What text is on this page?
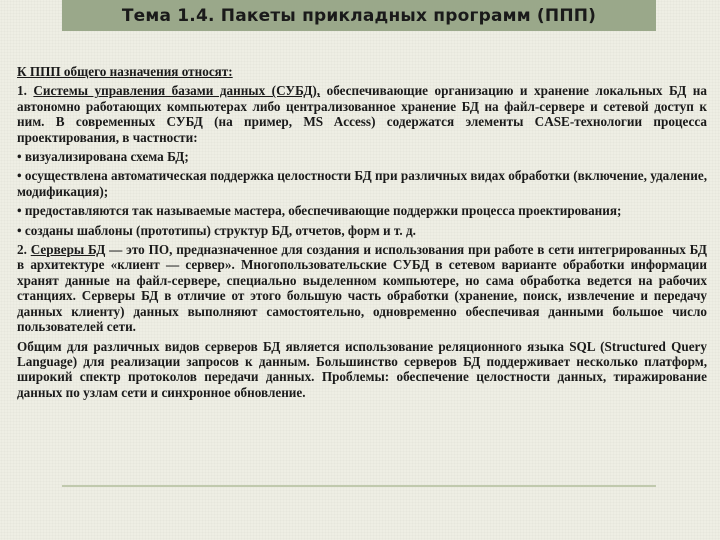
Тема 1.4. Пакеты прикладных программ (ППП)

К ППП общего назначения относят:

1. Системы управления базами данных (СУБД), обеспечивающие организацию и хранение локальных БД на автономно работающих компьютерах либо централизованное хранение БД на файл-сервере и сетевой доступ к ним. В современных СУБД (на пример, MS Access) содержатся элементы CASE-технологии процесса проектирования, в частности:

• визуализирована схема БД;

• осуществлена автоматическая поддержка целостности БД при различных видах обработки (включение, удаление, модификация);

• предоставляются так называемые мастера, обеспечивающие поддержки процесса проектирования;

• созданы шаблоны (прототипы) структур БД, отчетов, форм и т. д.

2. Серверы БД — это ПО, предназначенное для создания и использования при работе в сети интегрированных БД в архитектуре «клиент — сервер». Многопользовательские СУБД в сетевом варианте обработки информации хранят данные на файл-сервере, специально выделенном компьютере, но сама обработка ведется на рабочих станциях. Серверы БД в отличие от этого большую часть обработки (хранение, поиск, извлечение и передачу данных клиенту) данных выполняют самостоятельно, одновременно обеспечивая данными большое число пользователей сети.

Общим для различных видов серверов БД является использование реляционного языка SQL (Structured Query Language) для реализации запросов к данным. Большинство серверов БД поддерживает несколько платформ, широкий спектр протоколов передачи данных. Проблемы: обеспечение целостности данных, тиражирование данных по узлам сети и синхронное обновление.
